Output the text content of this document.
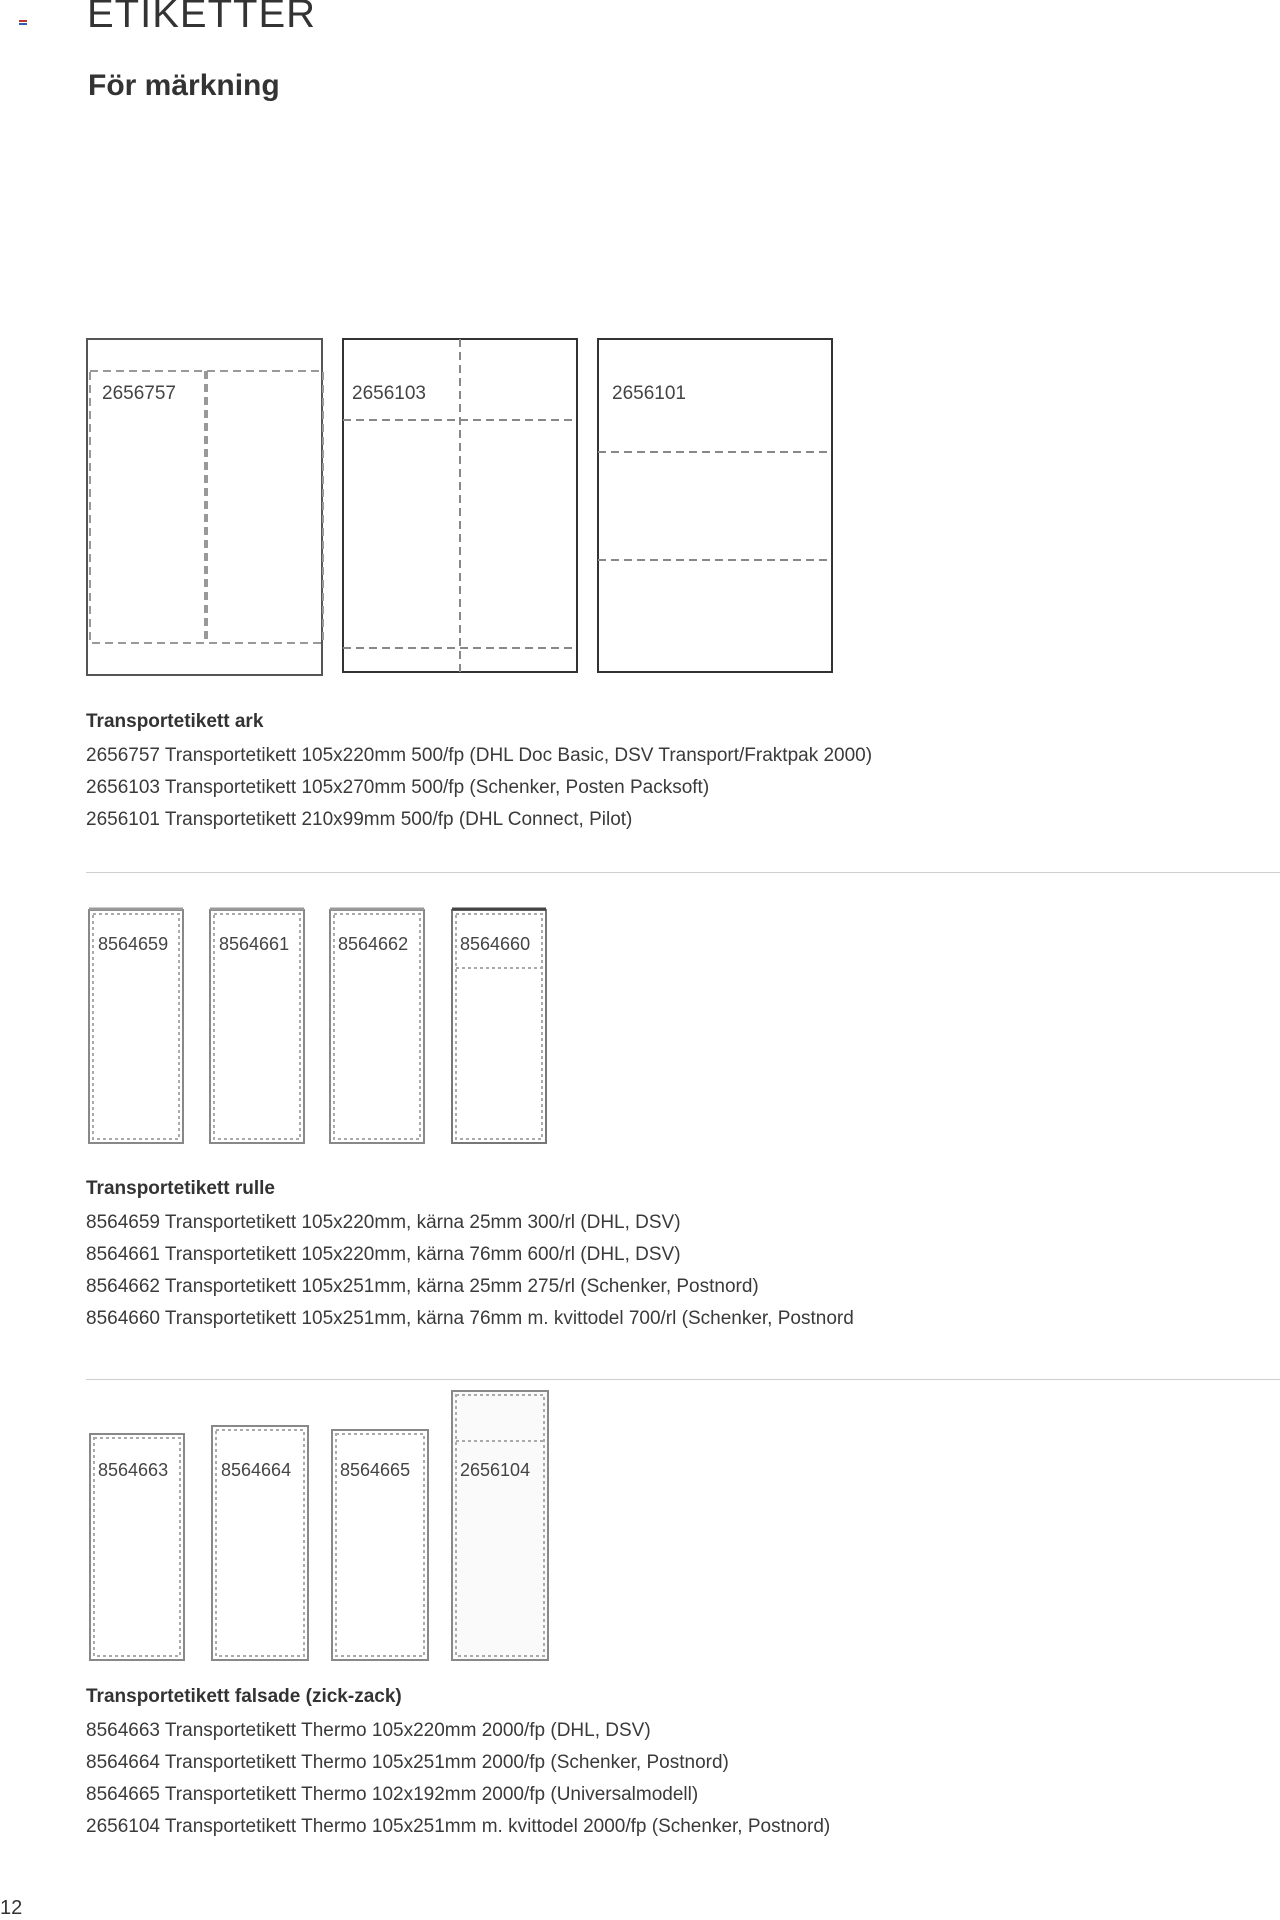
ETIKETTER
För märkning
2656757	2656103	2656101
Transportetikett ark
2656757 Transportetikett 105x220mm 500/fp (DHL Doc Basic, DSV Transport/Fraktpak 2000)
2656103 Transportetikett 105x270mm 500/fp (Schenker, Posten Packsoft)
2656101 Transportetikett 210x99mm 500/fp (DHL Connect, Pilot)
8564659	8564661	8564662	8564660
Transportetikett rulle
8564659 Transportetikett 105x220mm, kärna 25mm 300/rl (DHL, DSV)
8564661 Transportetikett 105x220mm, kärna 76mm 600/rl (DHL, DSV)
8564662 Transportetikett 105x251mm, kärna 25mm 275/rl (Schenker, Postnord)
8564660 Transportetikett 105x251mm, kärna 76mm m. kvittodel 700/rl (Schenker, Postnord
8564663	8564664	8564665	2656104
Transportetikett falsade (zick-zack)
8564663 Transportetikett Thermo 105x220mm 2000/fp (DHL, DSV)
8564664 Transportetikett Thermo 105x251mm 2000/fp (Schenker, Postnord)
8564665 Transportetikett Thermo 102x192mm 2000/fp (Universalmodell)
2656104 Transportetikett Thermo 105x251mm m. kvittodel 2000/fp (Schenker, Postnord)
12
